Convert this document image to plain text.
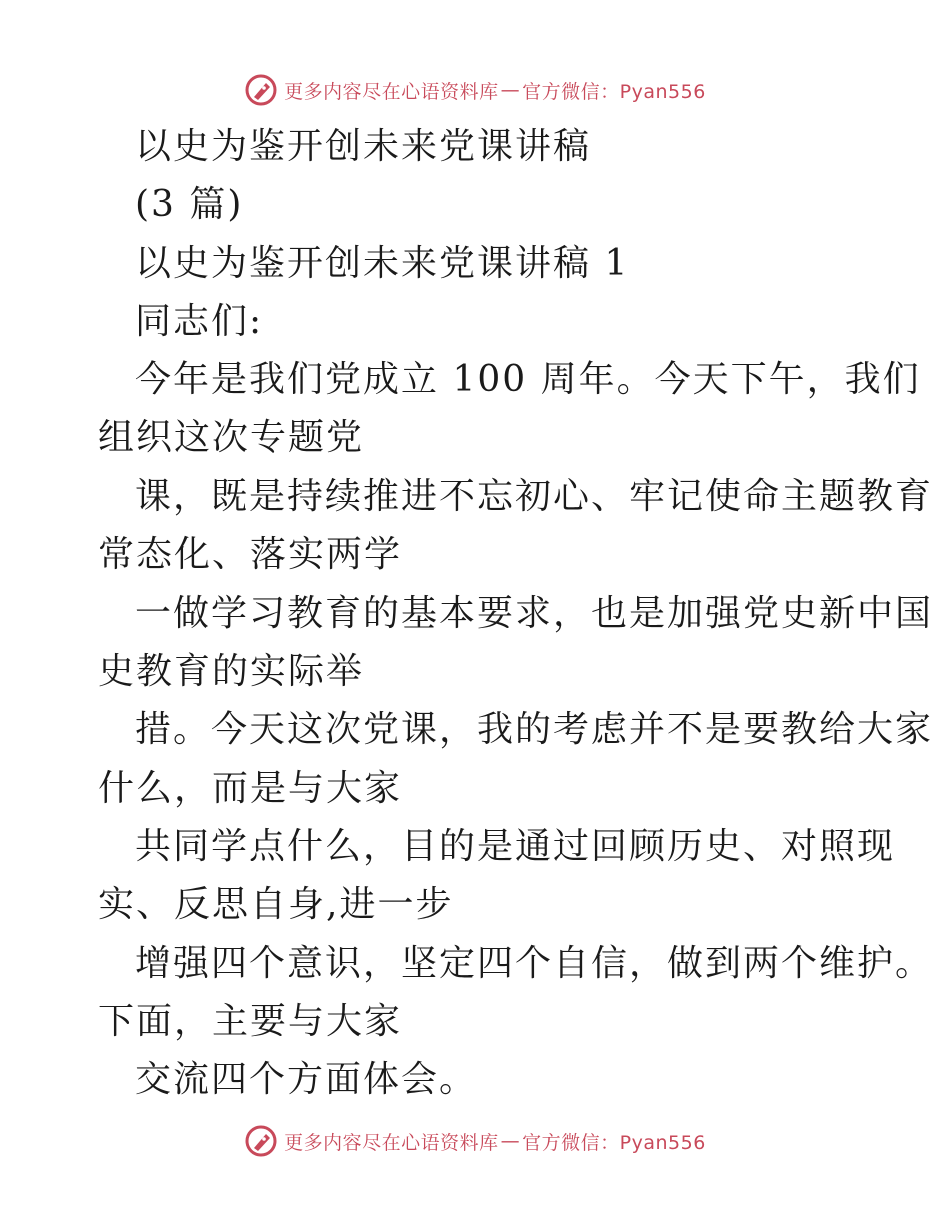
更多内容尽在心语资料库 — 官方微信：Pyan556
以史为鉴开创未来党课讲稿
(3 篇)
以史为鉴开创未来党课讲稿 1
同志们:
今年是我们党成立 100 周年。今天下午，我们
组织这次专题党
课，既是持续推进不忘初心、牢记使命主题教育
常态化、落实两学
一做学习教育的基本要求，也是加强党史新中国
史教育的实际举
措。今天这次党课，我的考虑并不是要教给大家
什么，而是与大家
共同学点什么，目的是通过回顾历史、对照现
实、反思自身,进一步
增强四个意识，坚定四个自信，做到两个维护。
下面，主要与大家
交流四个方面体会。
更多内容尽在心语资料库 — 官方微信：Pyan556
